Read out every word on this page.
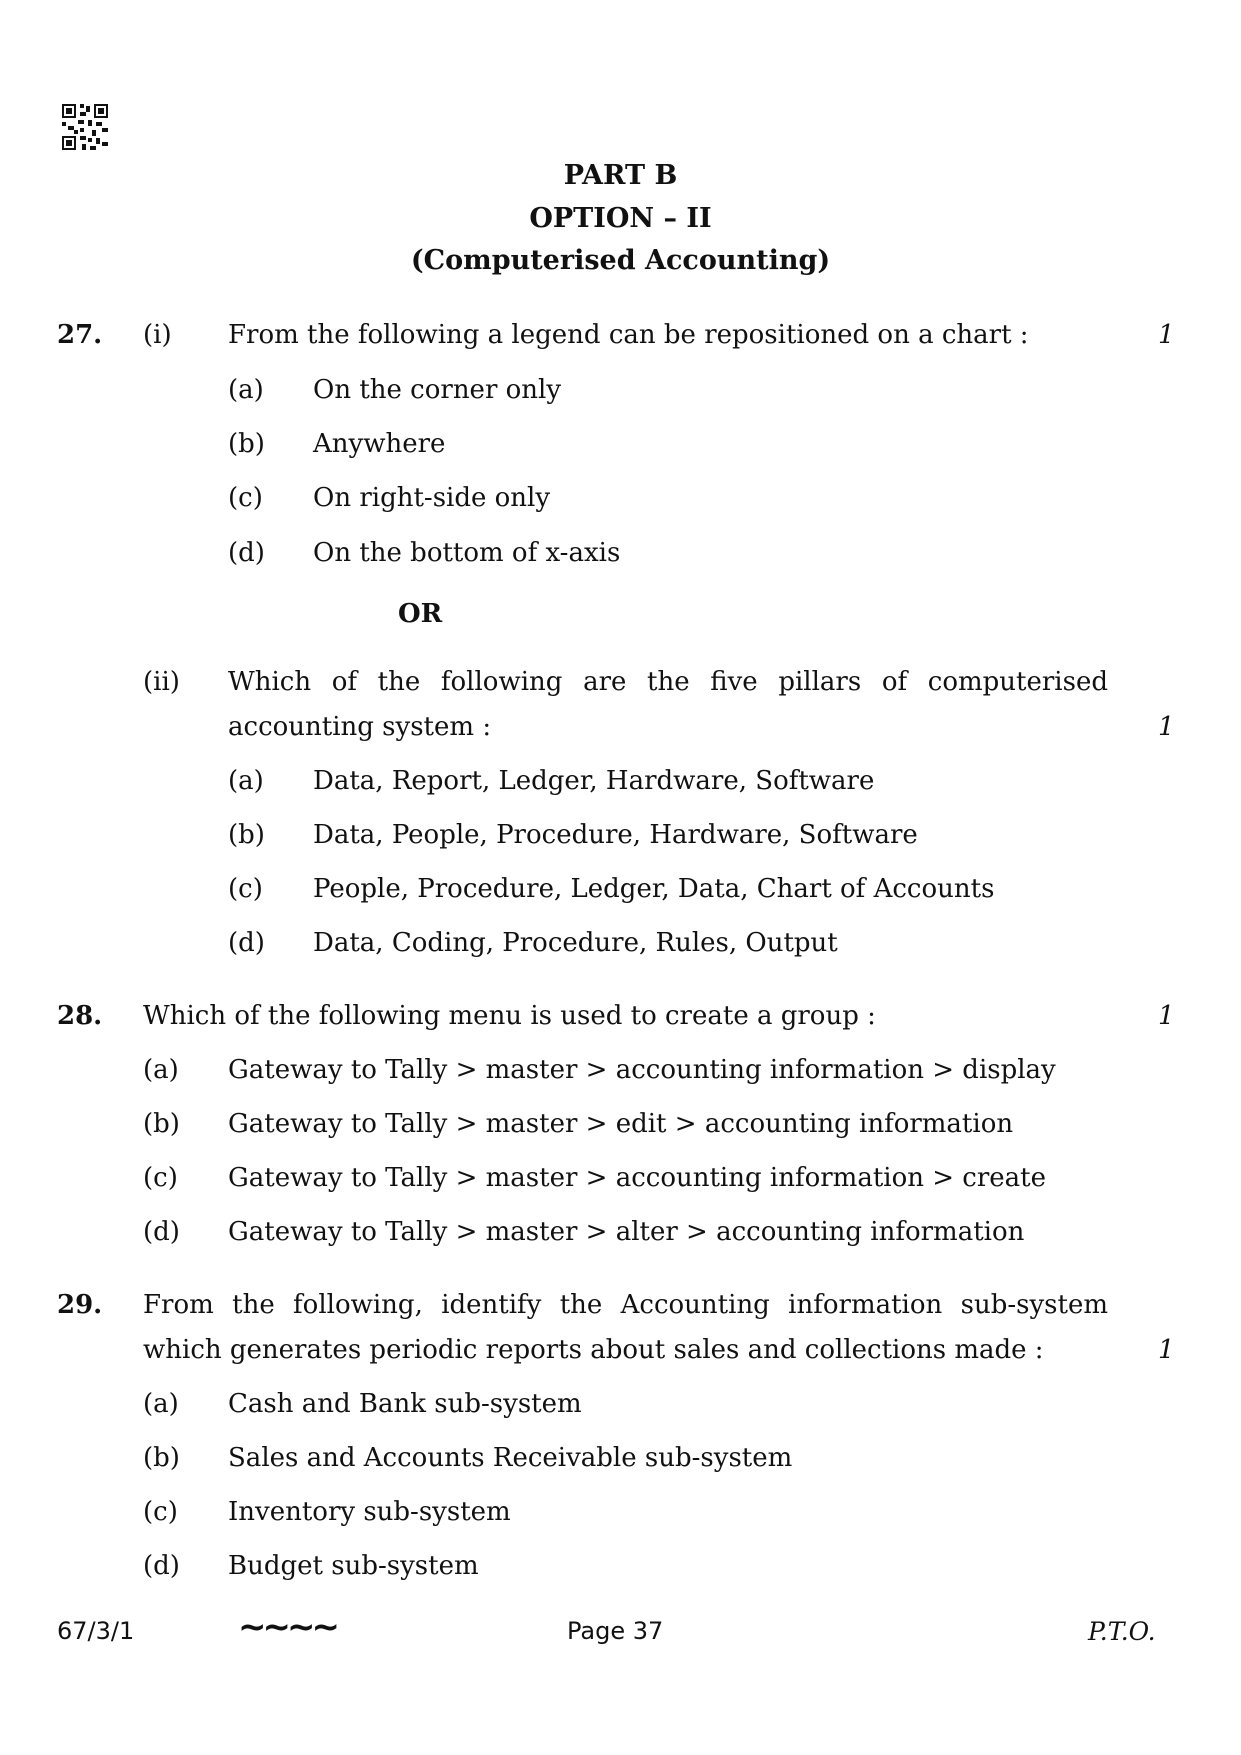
PART B
OPTION – II
(Computerised Accounting)
27. (i) From the following a legend can be repositioned on a chart :	1
(a) On the corner only
(b) Anywhere
(c) On right-side only
(d) On the bottom of x-axis
OR
(ii) Which of the following are the five pillars of computerised
accounting system :	1
(a) Data, Report, Ledger, Hardware, Software
(b) Data, People, Procedure, Hardware, Software
(c) People, Procedure, Ledger, Data, Chart of Accounts
(d) Data, Coding, Procedure, Rules, Output
28. Which of the following menu is used to create a group :	1
(a) Gateway to Tally > master > accounting information > display
(b) Gateway to Tally > master > edit > accounting information
(c) Gateway to Tally > master > accounting information > create
(d) Gateway to Tally > master > alter > accounting information
29. From the following, identify the Accounting information sub-system
which generates periodic reports about sales and collections made :	1
(a) Cash and Bank sub-system
(b) Sales and Accounts Receivable sub-system
(c) Inventory sub-system
(d) Budget sub-system
67/3/1	~~~~	Page 37	P.T.O.
